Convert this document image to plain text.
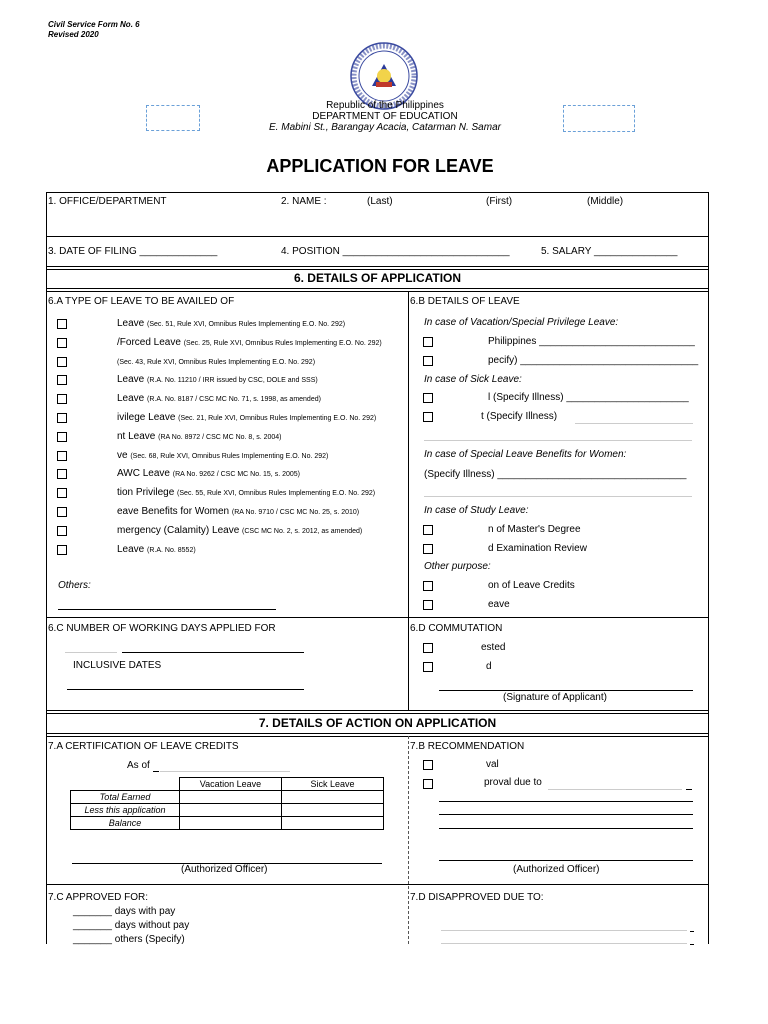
Civil Service Form No. 6
Revised 2020
Republic of the Philippines
DEPARTMENT OF EDUCATION
E. Mabini St., Barangay Acacia, Catarman N. Samar
APPLICATION FOR LEAVE
1. OFFICE/DEPARTMENT	2. NAME :	(Last)	(First)	(Middle)
3. DATE OF FILING ______________	4. POSITION ______________________________	5. SALARY _______________
6. DETAILS OF APPLICATION
6.A TYPE OF LEAVE TO BE AVAILED OF
Leave (Sec. 51, Rule XVI, Omnibus Rules Implementing E.O. No. 292)
/Forced Leave (Sec. 25, Rule XVI, Omnibus Rules Implementing E.O. No. 292)
(Sec. 43, Rule XVI, Omnibus Rules Implementing E.O. No. 292)
Leave (R.A. No. 11210 / IRR issued by CSC, DOLE and SSS)
Leave (R.A. No. 8187 / CSC MC No. 71, s. 1998, as amended)
ivilege Leave (Sec. 21, Rule XVI, Omnibus Rules Implementing E.O. No. 292)
nt Leave (RA No. 8972 / CSC MC No. 8, s. 2004)
ve (Sec. 68, Rule XVI, Omnibus Rules Implementing E.O. No. 292)
AWC Leave (RA No. 9262 / CSC MC No. 15, s. 2005)
tion Privilege (Sec. 55, Rule XVI, Omnibus Rules Implementing E.O. No. 292)
eave Benefits for Women (RA No. 9710 / CSC MC No. 25, s. 2010)
mergency (Calamity) Leave (CSC MC No. 2, s. 2012, as amended)
Leave (R.A. No. 8552)
Others:
6.B DETAILS OF LEAVE
In case of Vacation/Special Privilege Leave:
Philippines ____________________________
pecify) ________________________________
In case of Sick Leave:
l (Specify Illness) ______________________
t (Specify Illness)
In case of Special Leave Benefits for Women:
(Specify Illness) __________________________________
In case of Study Leave:
n of Master's Degree
d Examination Review
Other purpose:
on of Leave Credits
eave
6.C NUMBER OF WORKING DAYS APPLIED FOR
INCLUSIVE DATES
6.D COMMUTATION
ested
d
(Signature of Applicant)
7. DETAILS OF ACTION ON APPLICATION
7.A CERTIFICATION OF LEAVE CREDITS
As of
	Vacation Leave	Sick Leave
Total Earned		
Less this application		
Balance		
(Authorized Officer)
7.B RECOMMENDATION
val
proval due to
(Authorized Officer)
7.C APPROVED FOR:
_______ days with pay
_______ days without pay
_______ others (Specify)
7.D DISAPPROVED DUE TO:
